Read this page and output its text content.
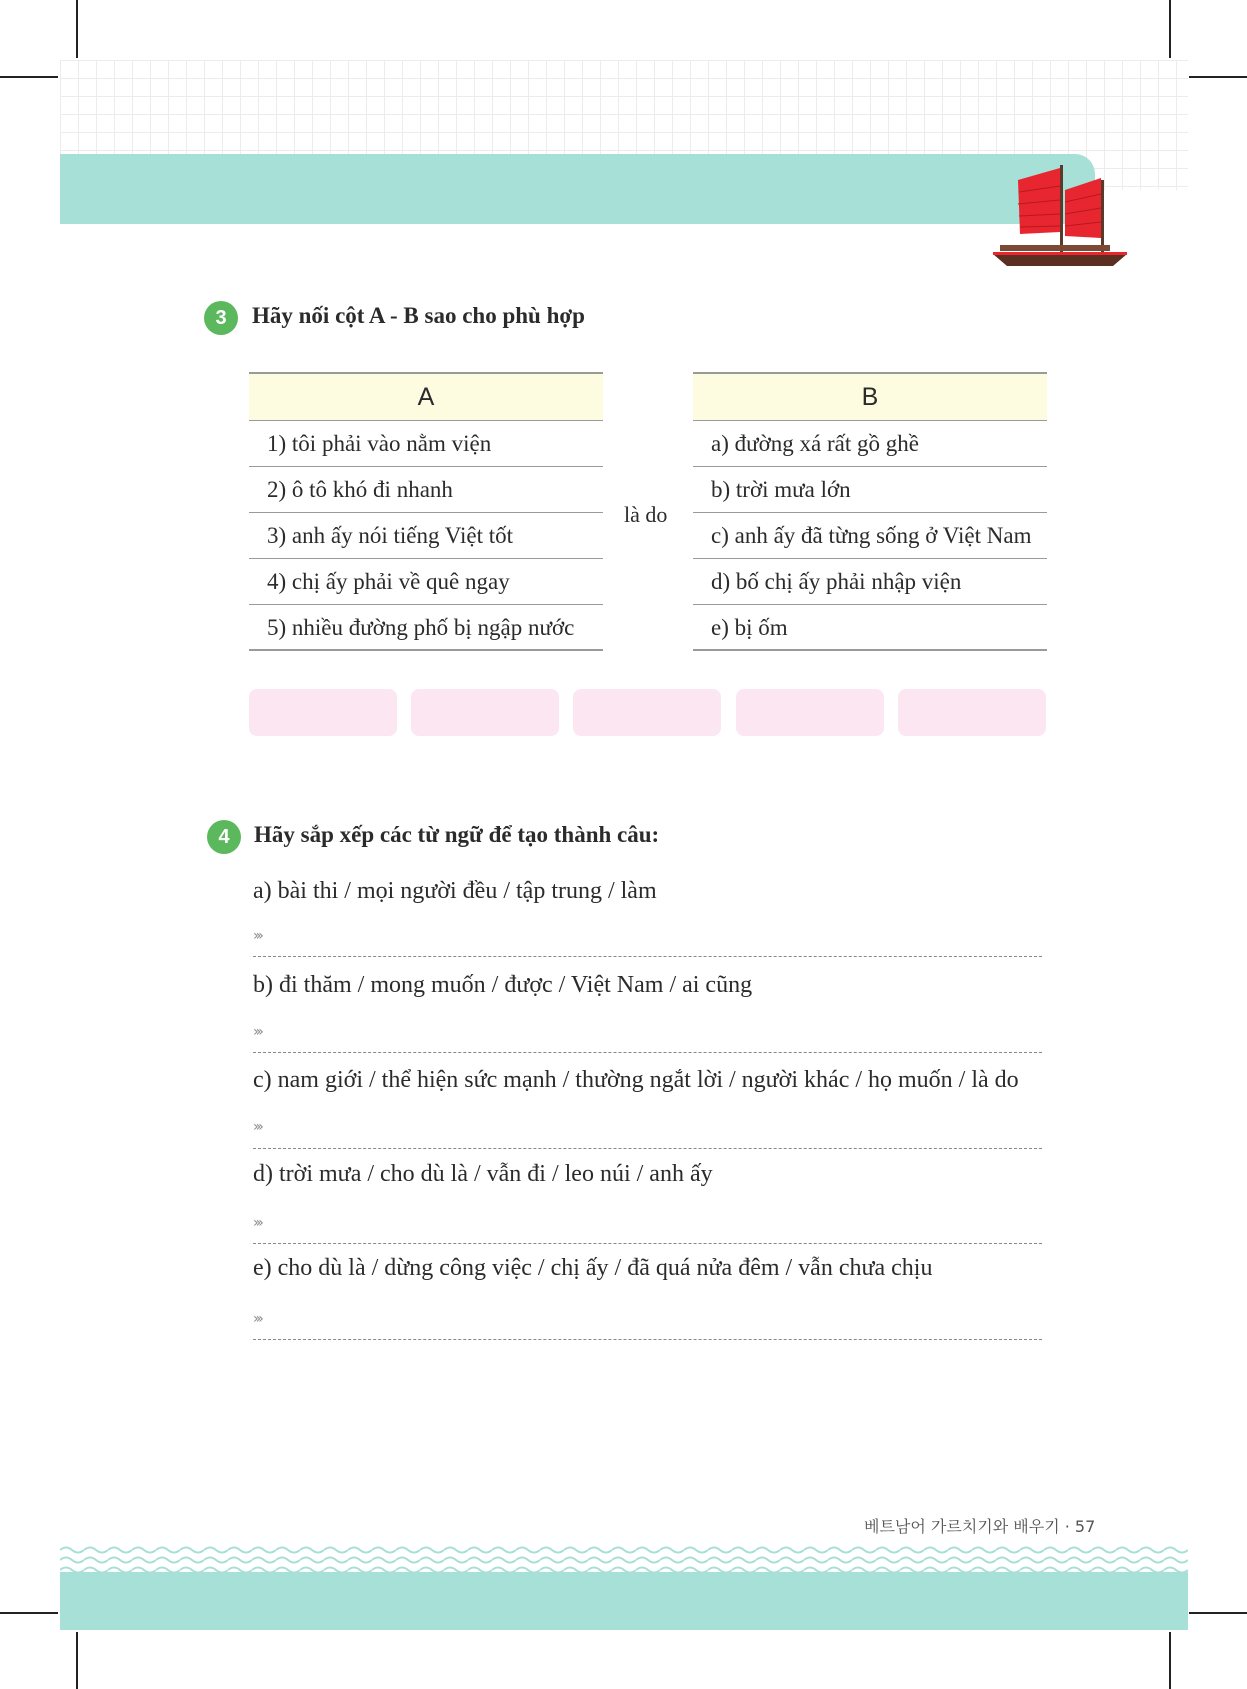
3	Hãy nối cột A - B sao cho phù hợp
A
1) tôi phải vào nằm viện
2) ô tô khó đi nhanh
3) anh ấy nói tiếng Việt tốt
4) chị ấy phải về quê ngay
5) nhiều đường phố bị ngập nước
là do
B
a) đường xá rất gồ ghề
b) trời mưa lớn
c) anh ấy đã từng sống ở Việt Nam
d) bố chị ấy phải nhập viện
e) bị ốm
4	Hãy sắp xếp các từ ngữ để tạo thành câu:
a) bài thi / mọi người đều / tập trung / làm
›››
b) đi thăm / mong muốn / được / Việt Nam / ai cũng
›››
c) nam giới / thể hiện sức mạnh / thường ngắt lời / người khác / họ muốn / là do
›››
d) trời mưa / cho dù là / vẫn đi / leo núi / anh ấy
›››
e) cho dù là / dừng công việc / chị ấy / đã quá nửa đêm / vẫn chưa chịu
›››
베트남어 가르치기와 배우기 · 57
